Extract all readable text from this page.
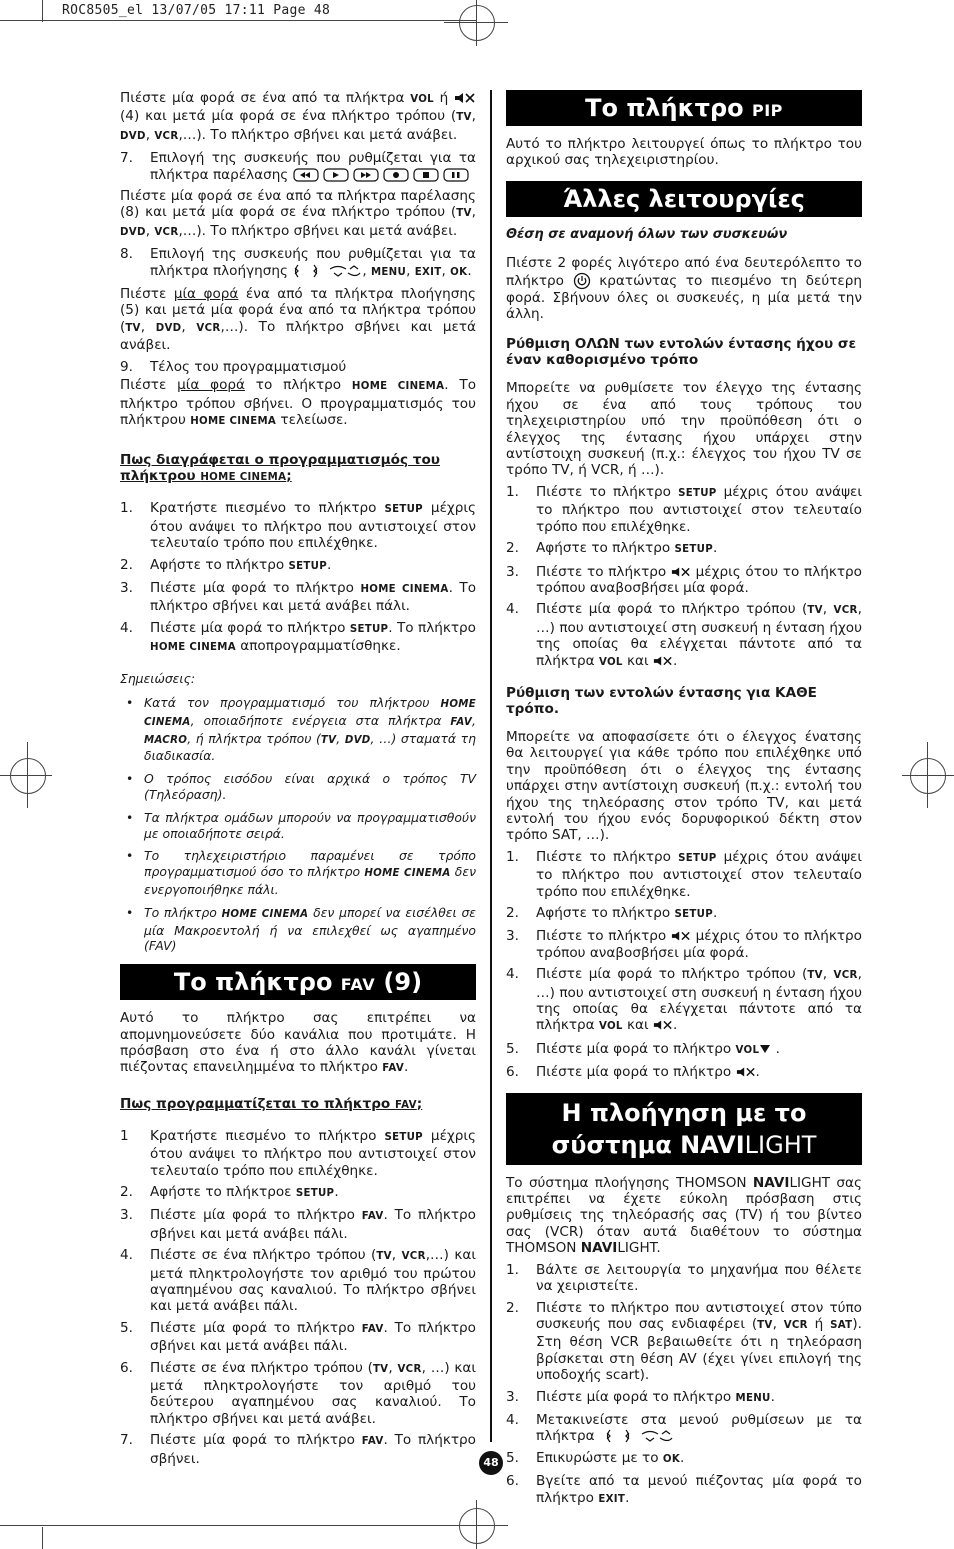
ROC8505_el 13/07/05 17:11 Page 48

Πιέστε μία φορά σε ένα από τα πλήκτρα VOL ή  (4) και μετά μία φορά σε ένα πλήκτρο τρόπου (TV, DVD, VCR,…). Το πλήκτρο σβήνει και μετά ανάβει.

7.	Επιλογή της συσκευής που ρυθμίζεται για τα πλήκτρα παρέλασης

Πιέστε μία φορά σε ένα από τα πλήκτρα παρέλασης (8) και μετά μία φορά σε ένα πλήκτρο τρόπου (TV, DVD, VCR,…). Το πλήκτρο σβήνει και μετά ανάβει.

8.	Επιλογή της συσκευής που ρυθμίζεται για τα πλήκτρα πλοήγησης	, MENU, EXIT, OK.

Πιέστε μία φορά ένα από τα πλήκτρα πλοήγησης (5) και μετά μία φορά ένα από τα πλήκτρα τρόπου (TV, DVD, VCR,…). Το πλήκτρο σβήνει και μετά ανάβει.

9.	Τέλος του προγραμματισμού

Πιέστε μία φορά το πλήκτρο HOME CINEMA. Το πλήκτρο τρόπου σβήνει. Ο προγραμματισμός του πλήκτρου HOME CINEMA τελείωσε.

Πως διαγράφεται ο προγραμματισμός του πλήκτρου HOME CINEMA;
1.	Κρατήστε πιεσμένο το πλήκτρο SETUP μέχρις ότου ανάψει το πλήκτρο που αντιστοιχεί στον τελευταίο τρόπο που επιλέχθηκε.
2.	Αφήστε το πλήκτρο SETUP.
3.	Πιέστε μία φορά το πλήκτρο HOME CINEMA. Το πλήκτρο σβήνει και μετά ανάβει πάλι.
4.	Πιέστε μία φορά το πλήκτρο SETUP. Το πλήκτρο HOME CINEMA αποπρογραμματίσθηκε.
Σημειώσεις:
• Κατά τον προγραμματισμό του πλήκτρου HOME CINEMA, οποιαδήποτε ενέργεια στα πλήκτρα FAV, MACRO, ή πλήκτρα τρόπου (TV, DVD, …) σταματά τη διαδικασία.
• Ο τρόπος εισόδου είναι αρχικά ο τρόπος TV (Τηλεόραση).
• Τα πλήκτρα ομάδων μπορούν να προγραμματισθούν με οποιαδήποτε σειρά.
• Το τηλεχειριστήριο παραμένει σε τρόπο προγραμματισμού όσο το πλήκτρο HOME CINEMA δεν ενεργοποιήθηκε πάλι.
• Το πλήκτρο HOME CINEMA δεν μπορεί να εισέλθει σε μία Μακροεντολή ή να επιλεχθεί ως αγαπημένο (FAV)
Το πλήκτρο FAV (9)

Αυτό το πλήκτρο σας επιτρέπει να απομνημονεύσετε δύο κανάλια που προτιμάτε. Η πρόσβαση στο ένα ή στο άλλο κανάλι γίνεται πιέζοντας επανειλημμένα το πλήκτρο FAV.

Πως προγραμματίζεται το πλήκτρο FAV;
1	Κρατήστε πιεσμένο το πλήκτρο SETUP μέχρις ότου ανάψει το πλήκτρο που αντιστοιχεί στον τελευταίο τρόπο που επιλέχθηκε.
2.	Αφήστε το πλήκτροε SETUP.
3.	Πιέστε μία φορά το πλήκτρο FAV. Το πλήκτρο σβήνει και μετά ανάβει πάλι.
4.	Πιέστε σε ένα πλήκτρο τρόπου (TV, VCR,…) και μετά πληκτρολογήστε τον αριθμό του πρώτου αγαπημένου σας καναλιού. Το πλήκτρο σβήνει και μετά ανάβει πάλι.
5.	Πιέστε μία φορά το πλήκτρο FAV. Το πλήκτρο σβήνει και μετά ανάβει πάλι.
6.	Πιέστε σε ένα πλήκτρο τρόπου (TV, VCR, …) και μετά πληκτρολογήστε τον αριθμό του δεύτερου αγαπημένου σας καναλιού. Το πλήκτρο σβήνει και μετά ανάβει.
7.	Πιέστε μία φορά το πλήκτρο FAV. Το πλήκτρο σβήνει.
Το πλήκτρο PIP

Αυτό το πλήκτρο λειτουργεί όπως το πλήκτρο του αρχικού σας τηλεχειριστηρίου.

Άλλες λειτουργίες
Θέση σε αναμονή όλων των συσκευών

Πιέστε 2 φορές λιγότερο από ένα δευτερόλεπτο το πλήκτρο	κρατώντας το πιεσμένο τη δεύτερη φορά. Σβήνουν όλες οι συσκευές, η μία μετά την άλλη.

Ρύθμιση ΟΛΩΝ των εντολών έντασης ήχου σε έναν καθορισμένο τρόπο

Μπορείτε να ρυθμίσετε τον έλεγχο της έντασης ήχου σε ένα από τους τρόπους του τηλεχειριστηρίου υπό την προϋπόθεση ότι ο έλεγχος της έντασης ήχου υπάρχει στην αντίστοιχη συσκευή (π.χ.: έλεγχος του ήχου TV σε τρόπο TV, ή VCR, ή …).

1.	Πιέστε το πλήκτρο SETUP μέχρις ότου ανάψει το πλήκτρο που αντιστοιχεί στον τελευταίο τρόπο που επιλέχθηκε.
2.	Αφήστε το πλήκτρο SETUP.
3.	Πιέστε το πλήκτρο  μέχρις ότου το πλήκτρο τρόπου αναβοσβήσει μία φορά.
4.	Πιέστε μία φορά το πλήκτρο τρόπου (TV, VCR, …) που αντιστοιχεί στη συσκευή η ένταση ήχου της οποίας θα ελέγχεται πάντοτε από τα πλήκτρα VOL και .
Ρύθμιση των εντολών έντασης για ΚΑΘΕ τρόπο.

Μπορείτε να αποφασίσετε ότι ο έλεγχος ένατσης θα λειτουργεί για κάθε τρόπο που επιλέχθηκε υπό την προϋπόθεση ότι ο έλεγχος της έντασης υπάρχει στην αντίστοιχη συσκευή (π.χ.: εντολή του ήχου της τηλεόρασης στον τρόπο TV, και μετά εντολή του ήχου ενός δορυφορικού δέκτη στον τρόπο SAT, …).

1.	Πιέστε το πλήκτρο SETUP μέχρις ότου ανάψει το πλήκτρο που αντιστοιχεί στον τελευταίο τρόπο που επιλέχθηκε.
2.	Αφήστε το πλήκτρο SETUP.
3.	Πιέστε το πλήκτρο  μέχρις ότου το πλήκτρο τρόπου αναβοσβήσει μία φορά.
4.	Πιέστε μία φορά το πλήκτρο τρόπου (TV, VCR, …) που αντιστοιχεί στη συσκευή η ένταση ήχου της οποίας θα ελέγχεται πάντοτε από τα πλήκτρα VOL και .
5.	Πιέστε μία φορά το πλήκτρο VOL .
6.	Πιέστε μία φορά το πλήκτρο .
Η πλοήγηση με το
σύστημα NAVILIGHT

Το σύστημα πλοήγησης THOMSON NAVILIGHT σας επιτρέπει να έχετε εύκολη πρόσβαση στις ρυθμίσεις της τηλεόρασής σας (TV) ή του βίντεο σας (VCR) όταν αυτά διαθέτουν το σύστημα THOMSON NAVILIGHT.

1.	Βάλτε σε λειτουργία το μηχανήμα που θέλετε να χειριστείτε.
2.	Πιέστε το πλήκτρο που αντιστοιχεί στον τύπο συσκευής που σας ενδιαφέρει (TV, VCR ή SAT). Στη θέση VCR βεβαιωθείτε ότι η τηλεόραση βρίσκεται στη θέση AV (έχει γίνει επιλογή της υποδοχής scart).
3.	Πιέστε μία φορά το πλήκτρο MENU.
4.	Μετακινείστε στα μενού ρυθμίσεων με τα πλήκτρα
5.	Επικυρώστε με το OK.
6.	Βγείτε από τα μενού πιέζοντας μία φορά το πλήκτρο EXIT.
48
